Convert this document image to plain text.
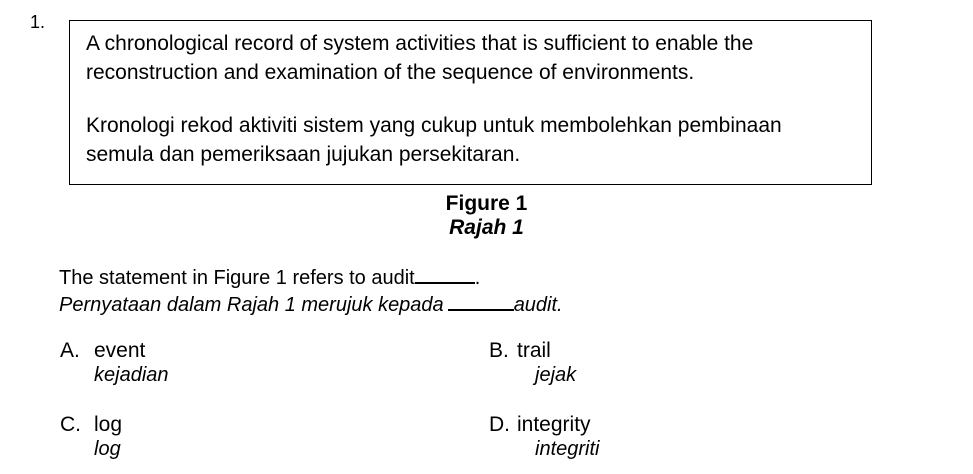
1.

A chronological record of system activities that is sufficient to enable the reconstruction and examination of the sequence of environments.

Kronologi rekod aktiviti sistem yang cukup untuk membolehkan pembinaan semula dan pemeriksaan jujukan persekitaran.

Figure 1
Rajah 1
The statement in Figure 1 refers to audit	.
Pernyataan dalam Rajah 1 merujuk kepada	audit.
A. event
kejadian
B. trail
jejak
C. log
log
D. integrity
integriti
